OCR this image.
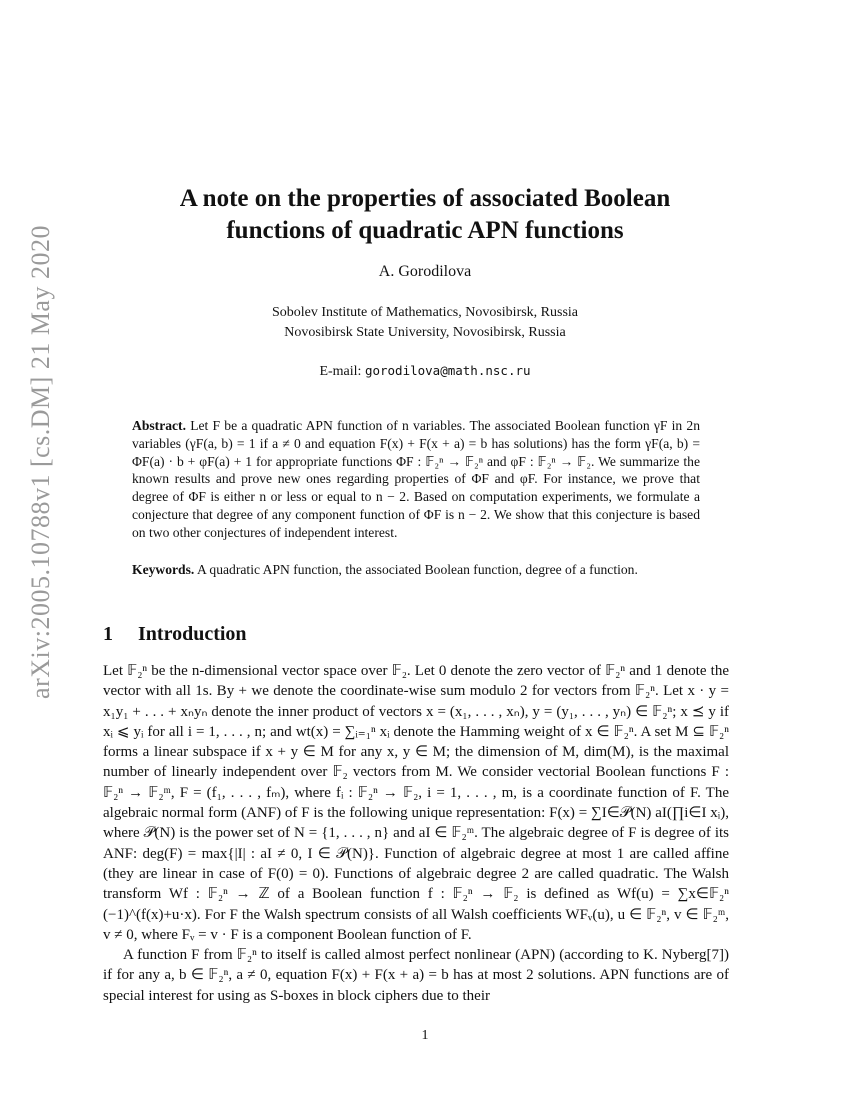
arXiv:2005.10788v1 [cs.DM] 21 May 2020
A note on the properties of associated Boolean
functions of quadratic APN functions
A. Gorodilova
Sobolev Institute of Mathematics, Novosibirsk, Russia
Novosibirsk State University, Novosibirsk, Russia
E-mail: gorodilova@math.nsc.ru
Abstract. Let F be a quadratic APN function of n variables. The associated Boolean function γF in 2n variables (γF(a, b) = 1 if a ≠ 0 and equation F(x) + F(x + a) = b has solutions) has the form γF(a, b) = ΦF(a) · b + φF(a) + 1 for appropriate functions ΦF : 𝔽₂ⁿ → 𝔽₂ⁿ and φF : 𝔽₂ⁿ → 𝔽₂. We summarize the known results and prove new ones regarding properties of ΦF and φF. For instance, we prove that degree of ΦF is either n or less or equal to n − 2. Based on computation experiments, we formulate a conjecture that degree of any component function of ΦF is n − 2. We show that this conjecture is based on two other conjectures of independent interest.
Keywords. A quadratic APN function, the associated Boolean function, degree of a function.
1 Introduction
Let 𝔽₂ⁿ be the n-dimensional vector space over 𝔽₂. Let 0 denote the zero vector of 𝔽₂ⁿ and 1 denote the vector with all 1s. By + we denote the coordinate-wise sum modulo 2 for vectors from 𝔽₂ⁿ. Let x · y = x₁y₁ + . . . + xₙyₙ denote the inner product of vectors x = (x₁, . . . , xₙ), y = (y₁, . . . , yₙ) ∈ 𝔽₂ⁿ; x ⪯ y if xᵢ ⩽ yᵢ for all i = 1, . . . , n; and wt(x) = ∑ᵢ₌₁ⁿ xᵢ denote the Hamming weight of x ∈ 𝔽₂ⁿ. A set M ⊆ 𝔽₂ⁿ forms a linear subspace if x + y ∈ M for any x, y ∈ M; the dimension of M, dim(M), is the maximal number of linearly independent over 𝔽₂ vectors from M. We consider vectorial Boolean functions F : 𝔽₂ⁿ → 𝔽₂ᵐ, F = (f₁, . . . , fₘ), where fᵢ : 𝔽₂ⁿ → 𝔽₂, i = 1, . . . , m, is a coordinate function of F. The algebraic normal form (ANF) of F is the following unique representation: F(x) = ∑I∈𝒫(N) aI(∏i∈I xᵢ), where 𝒫(N) is the power set of N = {1, . . . , n} and aI ∈ 𝔽₂ᵐ. The algebraic degree of F is degree of its ANF: deg(F) = max{|I| : aI ≠ 0, I ∈ 𝒫(N)}. Function of algebraic degree at most 1 are called affine (they are linear in case of F(0) = 0). Functions of algebraic degree 2 are called quadratic. The Walsh transform Wf : 𝔽₂ⁿ → ℤ of a Boolean function f : 𝔽₂ⁿ → 𝔽₂ is defined as Wf(u) = ∑x∈𝔽₂ⁿ (−1)^(f(x)+u·x). For F the Walsh spectrum consists of all Walsh coefficients WFᵥ(u), u ∈ 𝔽₂ⁿ, v ∈ 𝔽₂ᵐ, v ≠ 0, where Fᵥ = v · F is a component Boolean function of F.
A function F from 𝔽₂ⁿ to itself is called almost perfect nonlinear (APN) (according to K. Nyberg[7]) if for any a, b ∈ 𝔽₂ⁿ, a ≠ 0, equation F(x) + F(x + a) = b has at most 2 solutions. APN functions are of special interest for using as S-boxes in block ciphers due to their
1
